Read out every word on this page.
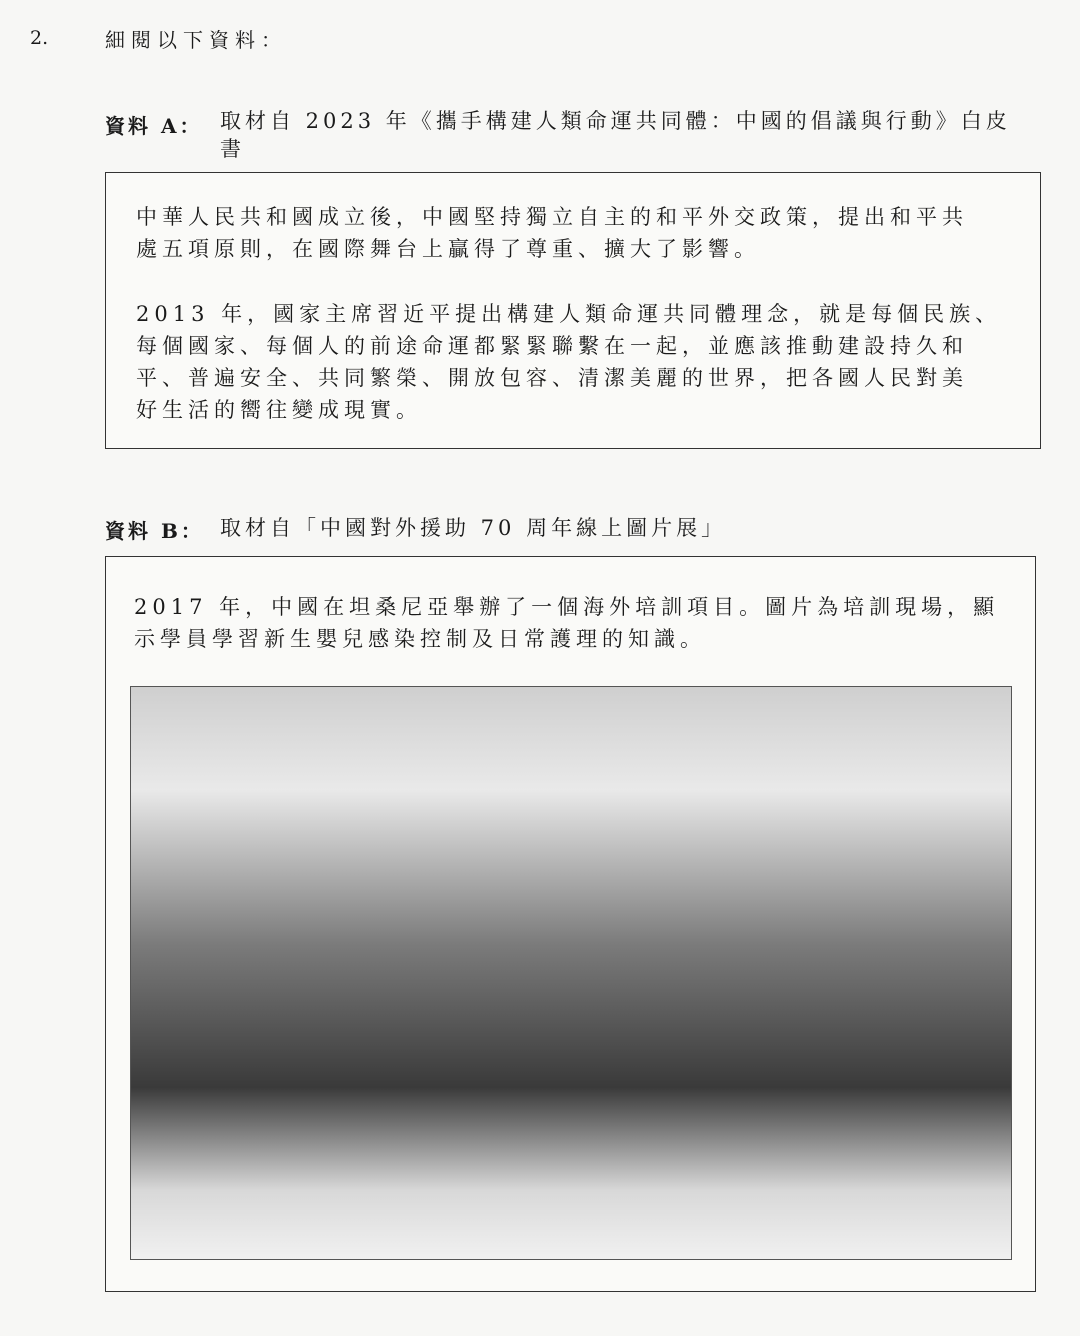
2.	細閱以下資料：
資料 A： 取材自 2023 年《攜手構建人類命運共同體：中國的倡議與行動》白皮
書
中華人民共和國成立後，中國堅持獨立自主的和平外交政策，提出和平共
處五項原則，在國際舞台上贏得了尊重、擴大了影響。
2013 年，國家主席習近平提出構建人類命運共同體理念，就是每個民族、
每個國家、每個人的前途命運都緊緊聯繫在一起，並應該推動建設持久和
平、普遍安全、共同繁榮、開放包容、清潔美麗的世界，把各國人民對美
好生活的嚮往變成現實。
資料 B： 取材自「中國對外援助 70 周年線上圖片展」
2017 年，中國在坦桑尼亞舉辦了一個海外培訓項目。圖片為培訓現場，顯
示學員學習新生嬰兒感染控制及日常護理的知識。
